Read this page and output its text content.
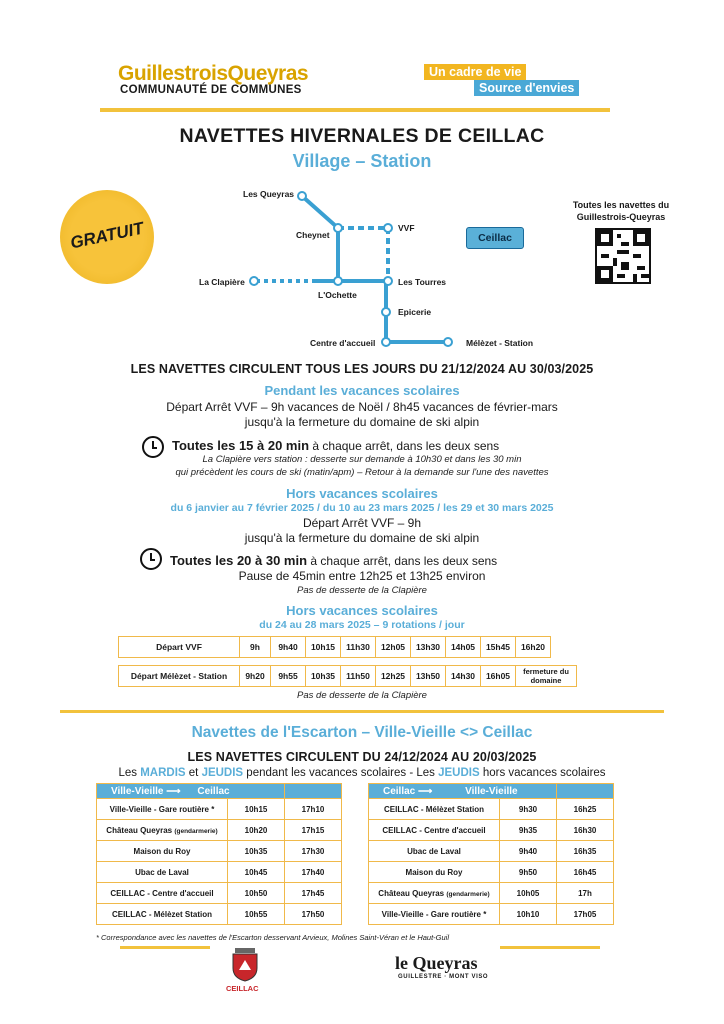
GuillestroisQueyras
COMMUNAUTÉ DE COMMUNES
Un cadre de vie
Source d'envies
NAVETTES HIVERNALES DE CEILLAC
Village – Station
GRATUIT
Les Queyras
Cheynet
VVF
La Clapière
L'Ochette
Les Tourres
Epicerie
Centre d'accueil	Mélèzet - Station
Ceillac
Toutes les navettes du
Guillestrois-Queyras
LES NAVETTES CIRCULENT TOUS LES JOURS DU 21/12/2024 AU 30/03/2025
Pendant les vacances scolaires
Départ Arrêt VVF – 9h vacances de Noël / 8h45 vacances de février-mars
jusqu'à la fermeture du domaine de ski alpin
Toutes les 15 à 20 min à chaque arrêt, dans les deux sens
La Clapière vers station : desserte sur demande à 10h30 et dans les 30 min
qui précèdent les cours de ski (matin/apm) – Retour à la demande sur l'une des navettes
Hors vacances scolaires
du 6 janvier au 7 février 2025 / du 10 au 23 mars 2025 / les 29 et 30 mars 2025
Départ Arrêt VVF – 9h
jusqu'à la fermeture du domaine de ski alpin
Toutes les 20 à 30 min à chaque arrêt, dans les deux sens
Pause de 45min entre 12h25 et 13h25 environ
Pas de desserte de la Clapière
Hors vacances scolaires
du 24 au 28 mars 2025 – 9 rotations / jour
Départ VVF	9h	9h40	10h15	11h30	12h05	13h30	14h05	15h45	16h20
Départ Mélèzet - Station	9h20	9h55	10h35	11h50	12h25	13h50	14h30	16h05	fermeture du domaine
Pas de desserte de la Clapière
Navettes de l'Escarton – Ville-Vieille <> Ceillac
LES NAVETTES CIRCULENT DU 24/12/2024 AU 20/03/2025
Les MARDIS et JEUDIS pendant les vacances scolaires - Les JEUDIS hors vacances scolaires
Ville-Vieille ⟶ Ceillac		
Ville-Vieille - Gare routière *	10h15	17h10
Château Queyras (gendarmerie)	10h20	17h15
Maison du Roy	10h35	17h30
Ubac de Laval	10h45	17h40
CEILLAC - Centre d'accueil	10h50	17h45
CEILLAC - Mélèzet Station	10h55	17h50
Ceillac ⟶ Ville-Vieille		
CEILLAC - Mélèzet Station	9h30	16h25
CEILLAC - Centre d'accueil	9h35	16h30
Ubac de Laval	9h40	16h35
Maison du Roy	9h50	16h45
Château Queyras (gendarmerie)	10h05	17h
Ville-Vieille - Gare routière *	10h10	17h05
* Correspondance avec les navettes de l'Escarton desservant Arvieux, Molines Saint-Véran et le Haut-Guil
CEILLAC
le Queyras
GUILLESTRE · MONT VISO
